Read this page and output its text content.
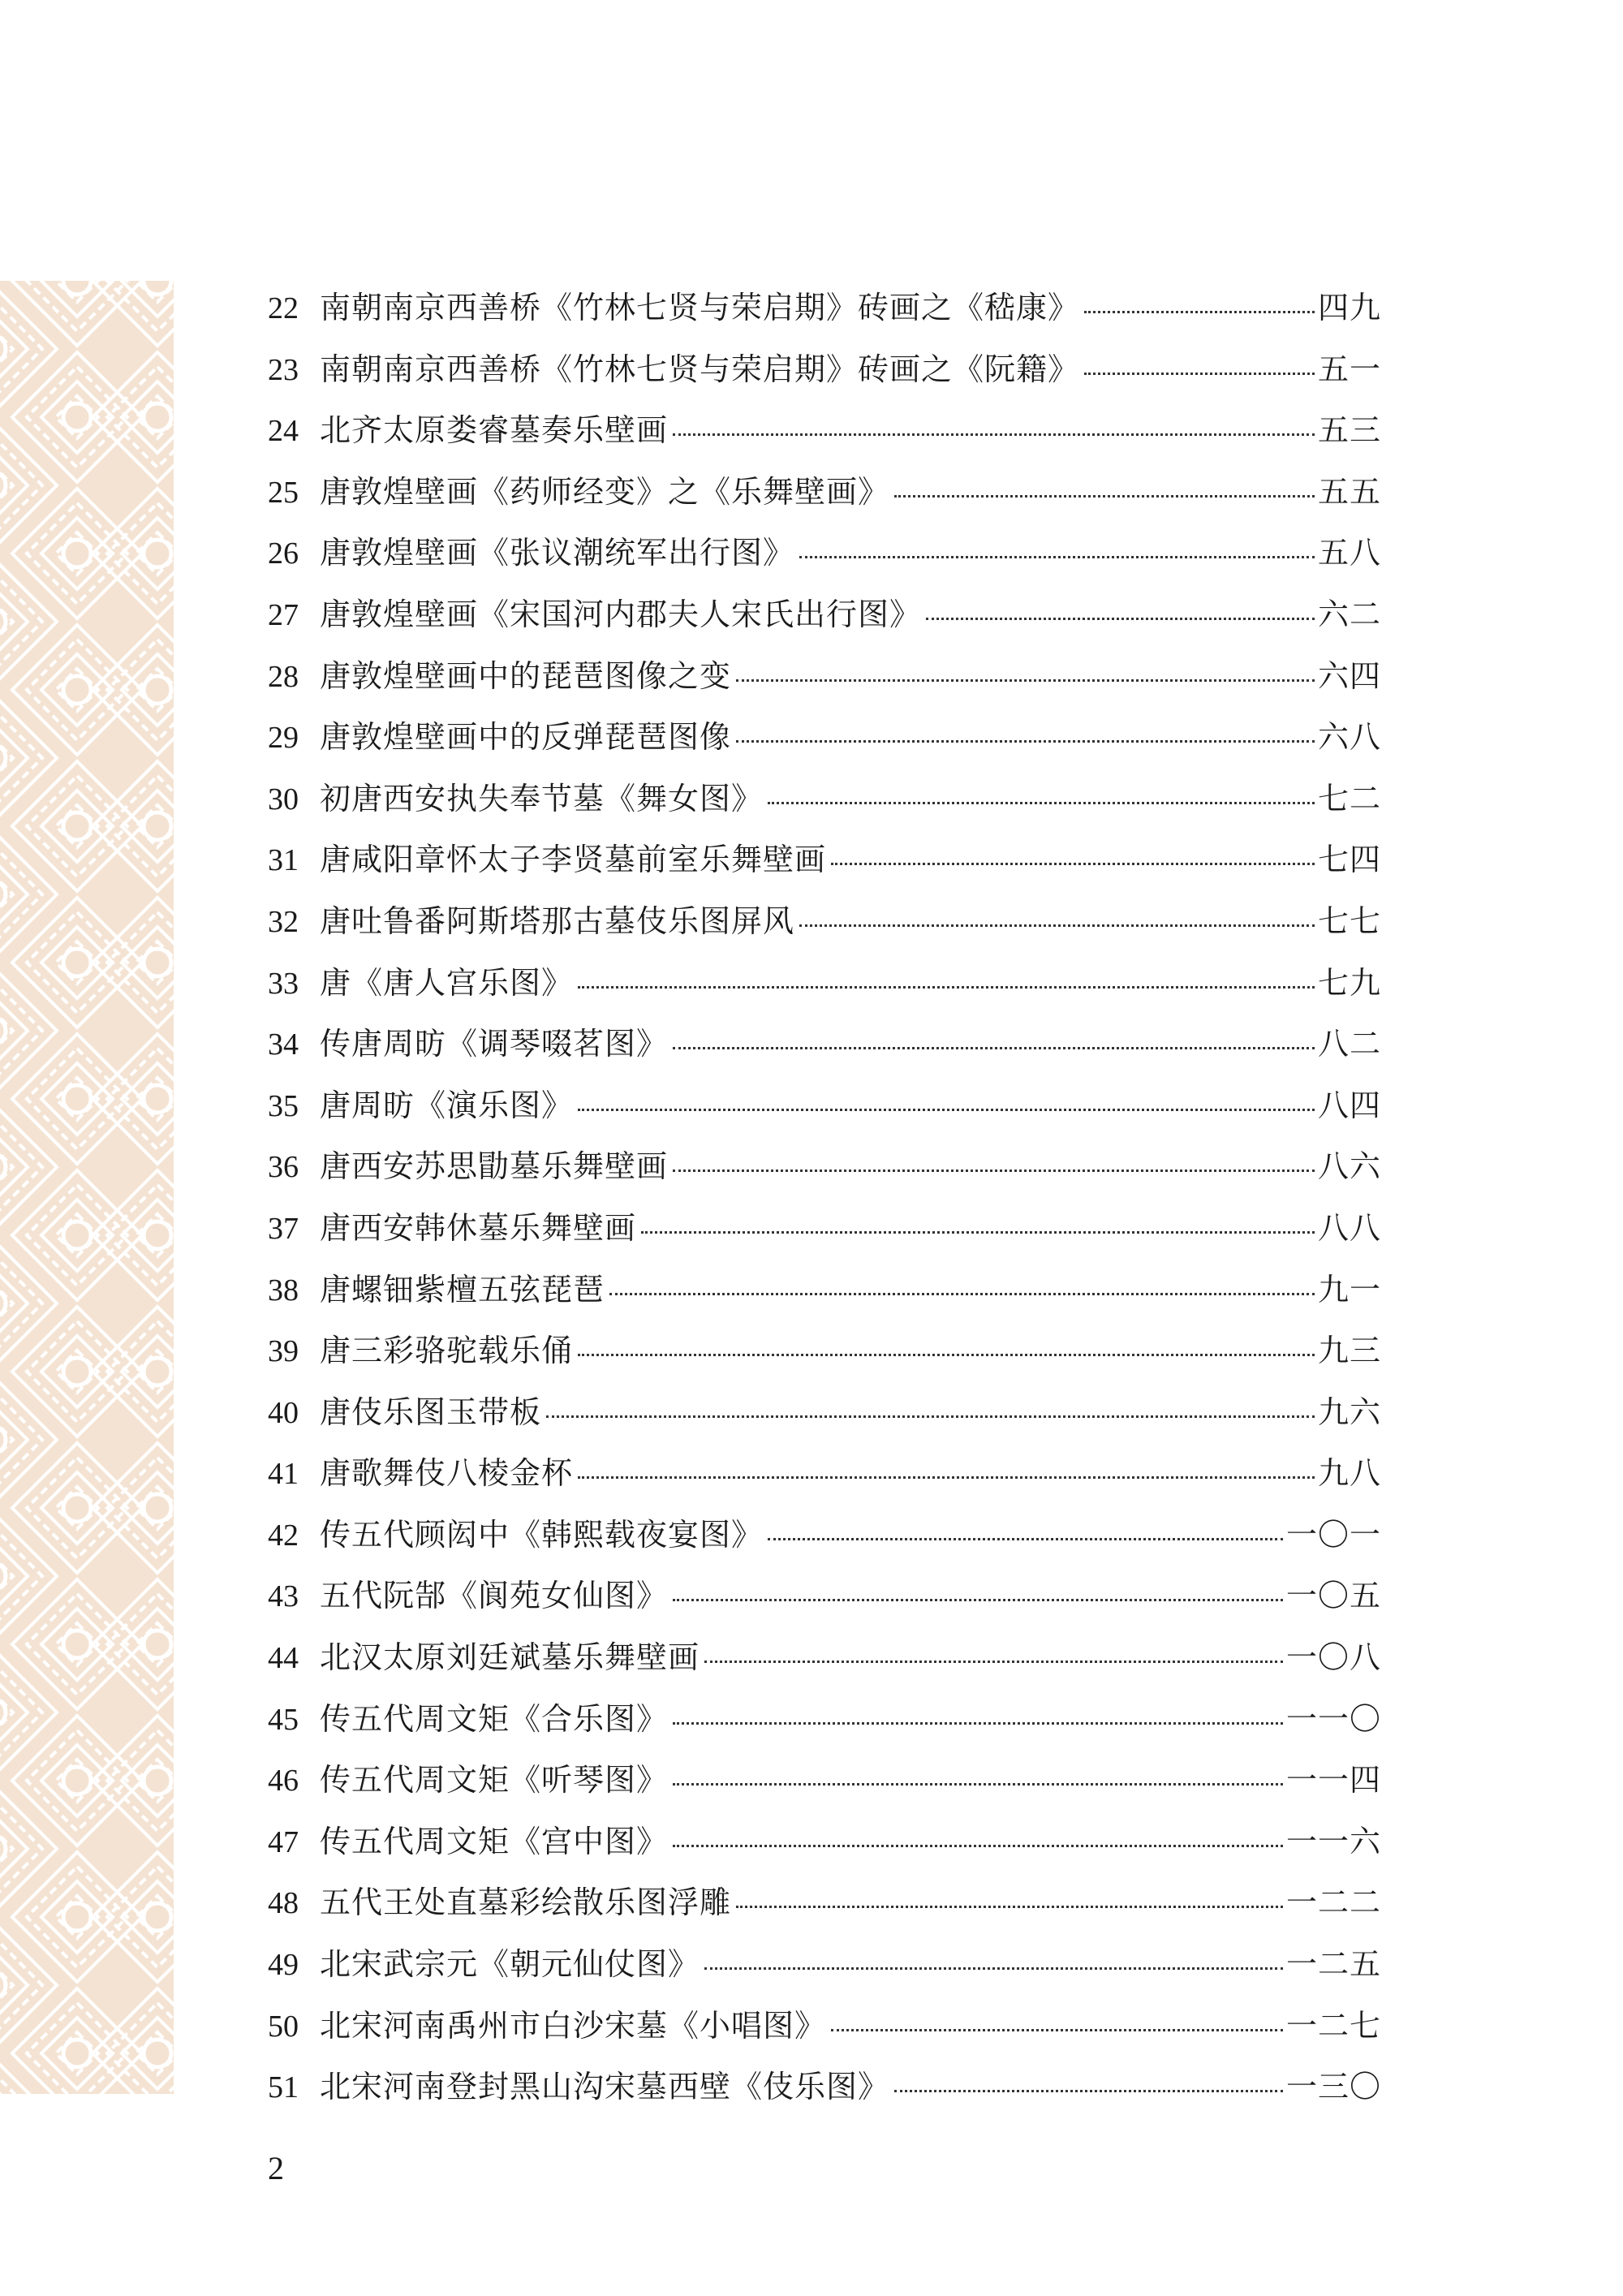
22 南朝南京西善桥《竹林七贤与荣启期》砖画之《嵇康》	四九
23 南朝南京西善桥《竹林七贤与荣启期》砖画之《阮籍》	五一
24 北齐太原娄睿墓奏乐壁画	五三
25 唐敦煌壁画《药师经变》之《乐舞壁画》	五五
26 唐敦煌壁画《张议潮统军出行图》	五八
27 唐敦煌壁画《宋国河内郡夫人宋氏出行图》	六二
28 唐敦煌壁画中的琵琶图像之变	六四
29 唐敦煌壁画中的反弹琵琶图像	六八
30 初唐西安执失奉节墓《舞女图》	七二
31 唐咸阳章怀太子李贤墓前室乐舞壁画	七四
32 唐吐鲁番阿斯塔那古墓伎乐图屏风	七七
33 唐《唐人宫乐图》	七九
34 传唐周昉《调琴啜茗图》	八二
35 唐周昉《演乐图》	八四
36 唐西安苏思勖墓乐舞壁画	八六
37 唐西安韩休墓乐舞壁画	八八
38 唐螺钿紫檀五弦琵琶	九一
39 唐三彩骆驼载乐俑	九三
40 唐伎乐图玉带板	九六
41 唐歌舞伎八棱金杯	九八
42 传五代顾闳中《韩熙载夜宴图》	一〇一
43 五代阮郜《阆苑女仙图》	一〇五
44 北汉太原刘廷斌墓乐舞壁画	一〇八
45 传五代周文矩《合乐图》	一一〇
46 传五代周文矩《听琴图》	一一四
47 传五代周文矩《宫中图》	一一六
48 五代王处直墓彩绘散乐图浮雕	一二二
49 北宋武宗元《朝元仙仗图》	一二五
50 北宋河南禹州市白沙宋墓《小唱图》	一二七
51 北宋河南登封黑山沟宋墓西壁《伎乐图》	一三〇
2
